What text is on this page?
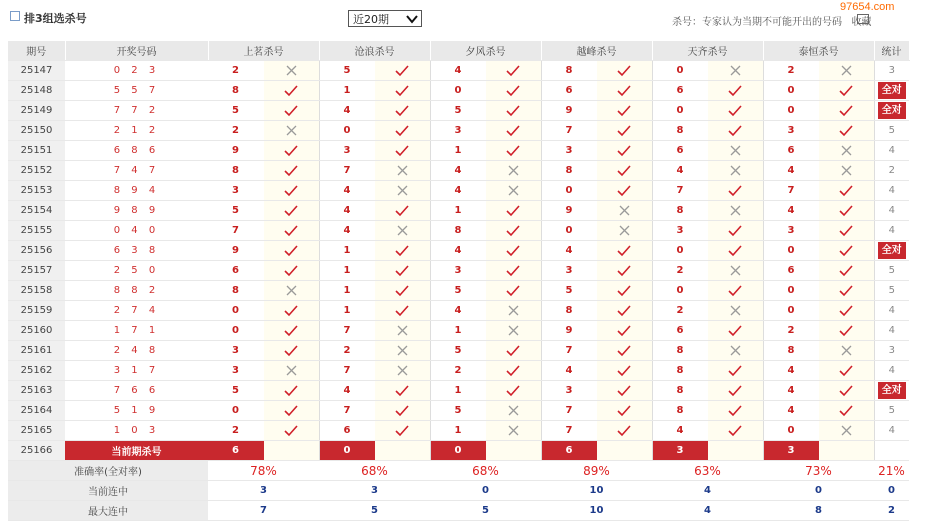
排3组选杀号	近20期	杀号：专家认为当期不可能开出的号码 收藏
97654.com
期号	开奖号码	上茗杀号		沧浪杀号		夕风杀号		越峰杀号		天齐杀号		泰恒杀号		统计
25147	0 2 3	2		5		4		8		0		2		3
25148	5 5 7	8		1		0		6		6		0		全对
25149	7 7 2	5		4		5		9		0		0		全对
25150	2 1 2	2		0		3		7		8		3		5
25151	6 8 6	9		3		1		3		6		6		4
25152	7 4 7	8		7		4		8		4		4		2
25153	8 9 4	3		4		4		0		7		7		4
25154	9 8 9	5		4		1		9		8		4		4
25155	0 4 0	7		4		8		0		3		3		4
25156	6 3 8	9		1		4		4		0		0		全对
25157	2 5 0	6		1		3		3		2		6		5
25158	8 8 2	8		1		5		5		0		0		5
25159	2 7 4	0		1		4		8		2		0		4
25160	1 7 1	0		7		1		9		6		2		4
25161	2 4 8	3		2		5		7		8		8		3
25162	3 1 7	3		7		2		4		8		4		4
25163	7 6 6	5		4		1		3		8		4		全对
25164	5 1 9	0		7		5		7		8		4		5
25165	1 0 3	2		6		1		7		4		0		4
25166	当前期杀号	6		0		0		6		3		3		
准确率(全对率)		78%		68%		68%		89%		63%		73%		21%
当前连中		3		3		0		10		4		0		0
最大连中		7		5		5		10		4		8		2
